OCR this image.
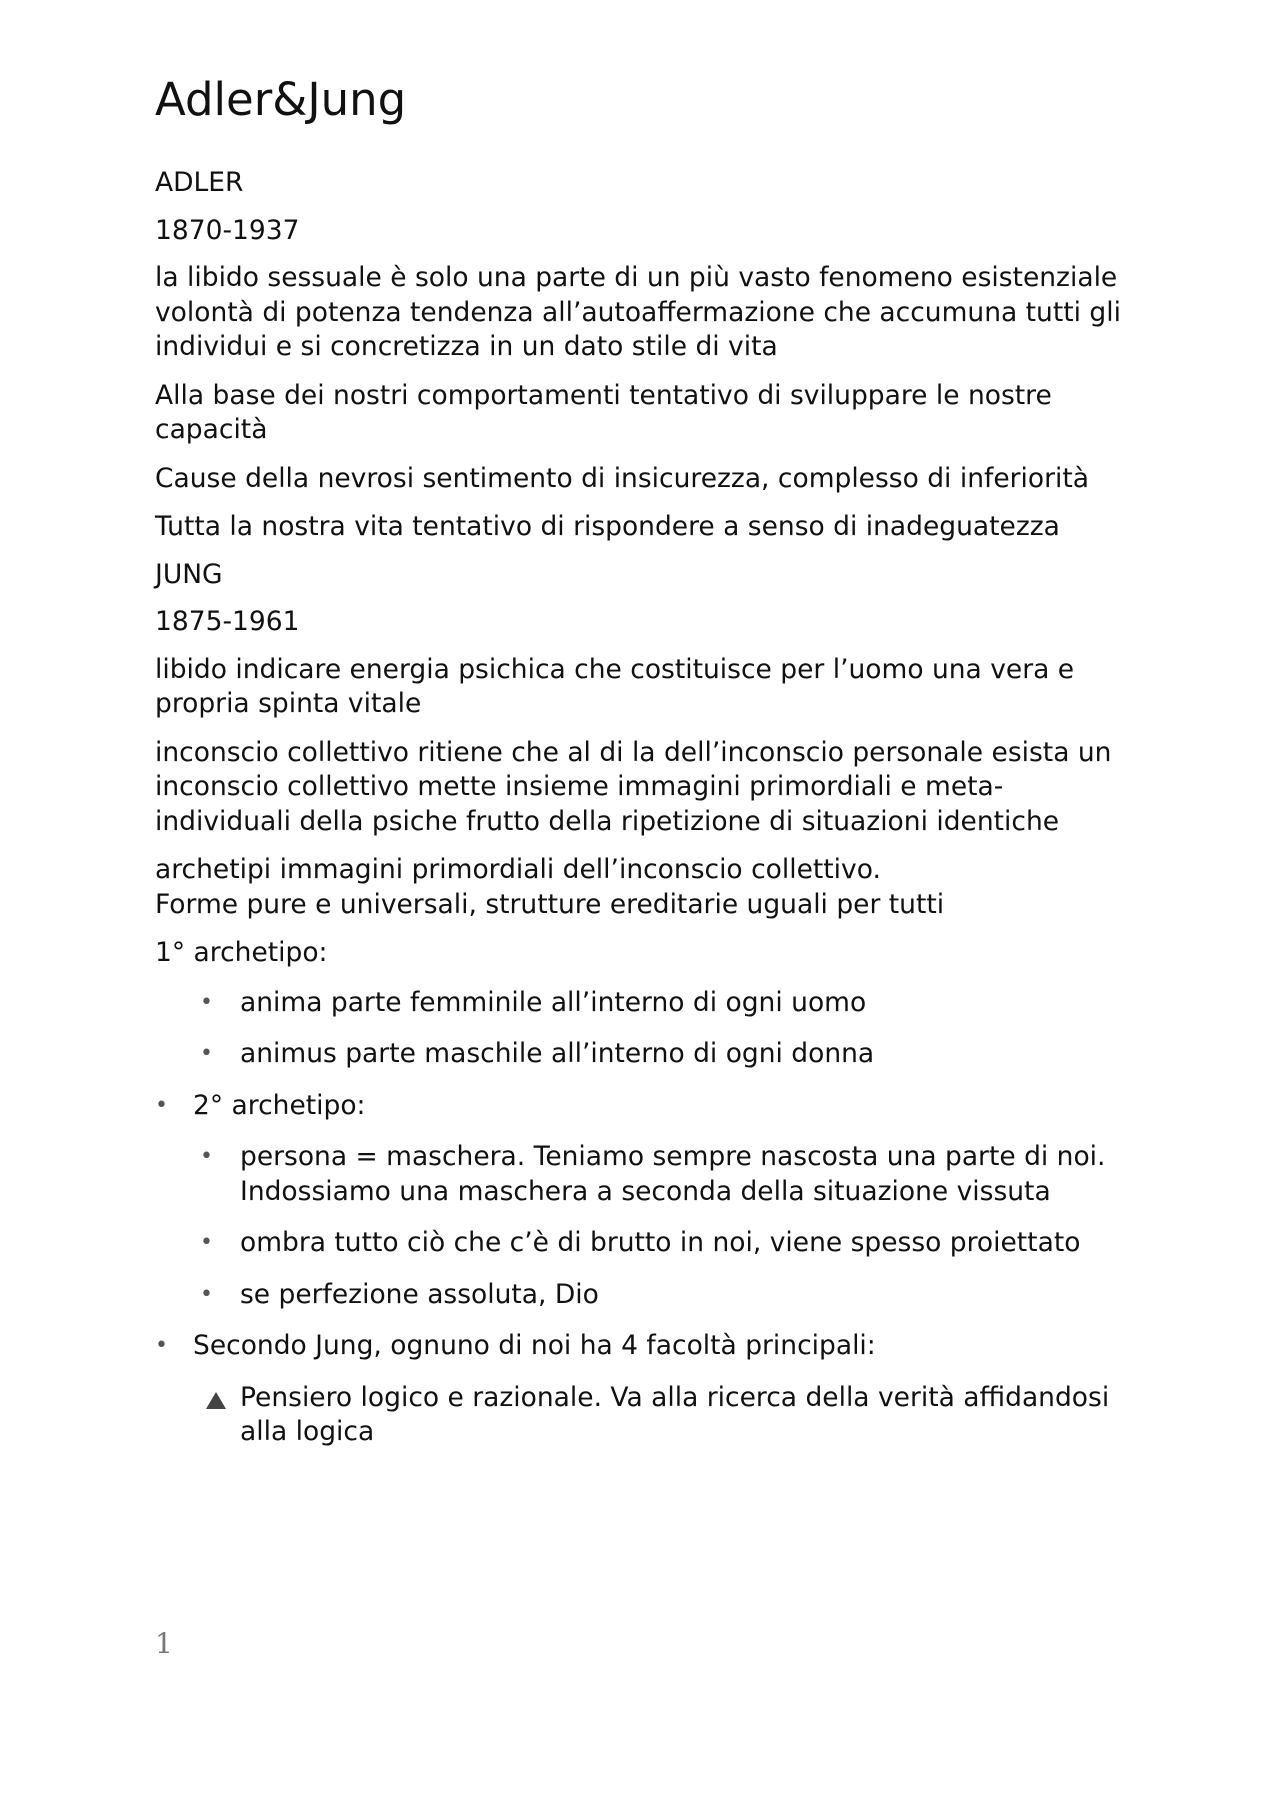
Adler&Jung
ADLER
1870-1937
la libido sessuale è solo una parte di un più vasto fenomeno esistenziale volontà di potenza tendenza all’autoaffermazione che accumuna tutti gli individui e si concretizza in un dato stile di vita
Alla base dei nostri comportamenti tentativo di sviluppare le nostre capacità
Cause della nevrosi sentimento di insicurezza, complesso di inferiorità
Tutta la nostra vita tentativo di rispondere a senso di inadeguatezza
JUNG
1875-1961
libido indicare energia psichica che costituisce per l’uomo una vera e propria spinta vitale
inconscio collettivo ritiene che al di la dell’inconscio personale esista un inconscio collettivo mette insieme immagini primordiali e meta-individuali della psiche frutto della ripetizione di situazioni identiche
archetipi immagini primordiali dell’inconscio collettivo.
Forme pure e universali, strutture ereditarie uguali per tutti
1° archetipo:
• anima parte femminile all’interno di ogni uomo
• animus parte maschile all’interno di ogni donna
• 2° archetipo:
• persona = maschera. Teniamo sempre nascosta una parte di noi. Indossiamo una maschera a seconda della situazione vissuta
• ombra tutto ciò che c’è di brutto in noi, viene spesso proiettato
• se perfezione assoluta, Dio
• Secondo Jung, ognuno di noi ha 4 facoltà principali:
Pensiero logico e razionale. Va alla ricerca della verità affidandosi alla logica
1
